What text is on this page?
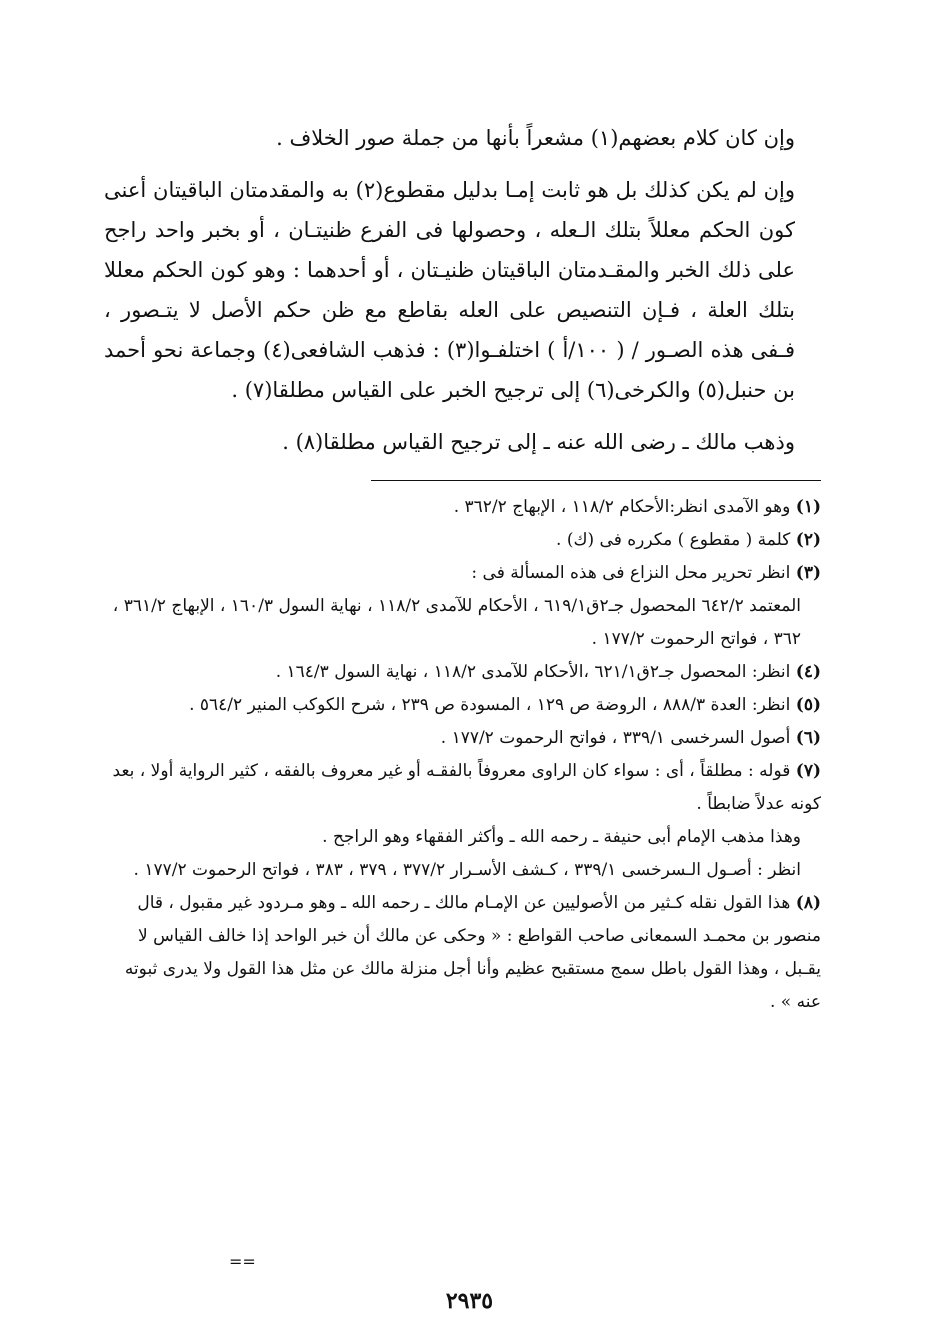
وإن كان كلام بعضهم(١) مشعراً بأنها من جملة صور الخلاف .

وإن لم يكن كذلك بل هو ثابت إمـا بدليل مقطوع(٢) به والمقدمتان الباقيتان أعنى كون الحكم معللاً بتلك الـعله ، وحصولها فى الفرع ظنيتـان ، أو بخبر واحد راجح على ذلك الخبر والمقـدمتان الباقيتان ظنيـتان ، أو أحدهما : وهو كون الحكم معللا بتلك العلة ، فـإن التنصيص على العله بقاطع مع ظن حكم الأصل لا يتـصور ، فـفى هذه الصـور / ( ١٠٠/أ ) اختلفـوا(٣) : فذهب الشافعى(٤) وجماعة نحو أحمد بن حنبل(٥) والكرخى(٦) إلى ترجيح الخبر على القياس مطلقا(٧) .

وذهب مالك ـ رضى الله عنه ـ إلى ترجيح القياس مطلقا(٨) .

(١) وهو الآمدى انظر:الأحكام ١١٨/٢ ، الإبهاج ٣٦٢/٢ .
(٢) كلمة ( مقطوع ) مكرره فى (ك) .
(٣) انظر تحرير محل النزاع فى هذه المسألة فى :

المعتمد ٦٤٢/٢ المحصول جـ٢ق٦١٩/١ ، الأحكام للآمدى ١١٨/٢ ، نهاية السول ١٦٠/٣ ، الإبهاج ٣٦١/٢ ، ٣٦٢ ، فواتح الرحموت ١٧٧/٢ .

(٤) انظر: المحصول جـ٢ق٦٢١/١ ،الأحكام للآمدى ١١٨/٢ ، نهاية السول ١٦٤/٣ .
(٥) انظر: العدة ٨٨٨/٣ ، الروضة ص ١٢٩ ، المسودة ص ٢٣٩ ، شرح الكوكب المنير ٥٦٤/٢ .
(٦) أصول السرخسى ٣٣٩/١ ، فواتح الرحموت ١٧٧/٢ .
(٧) قوله : مطلقاً ، أى : سواء كان الراوى معروفاً بالفقـه أو غير معروف بالفقه ، كثير الرواية أولا ، بعد كونه عدلاً ضابطاً .

وهذا مذهب الإمام أبى حنيفة ـ رحمه الله ـ وأكثر الفقهاء وهو الراجح .

انظر : أصـول الـسرخسى ٣٣٩/١ ، كـشف الأسـرار ٣٧٧/٢ ، ٣٧٩ ، ٣٨٣ ، فواتح الرحموت ١٧٧/٢ .

(٨) هذا القول نقله كـثير من الأصوليين عن الإمـام مالك ـ رحمه الله ـ وهو مـردود غير مقبول ، قال منصور بن محمـد السمعانى صاحب القواطع : « وحكى عن مالك أن خبر الواحد إذا خالف القياس لا يقـبل ، وهذا القول باطل سمج مستقبح عظيم وأنا أجل منزلة مالك عن مثل هذا القول ولا يدرى ثبوته عنه » .
==
٢٩٣٥
